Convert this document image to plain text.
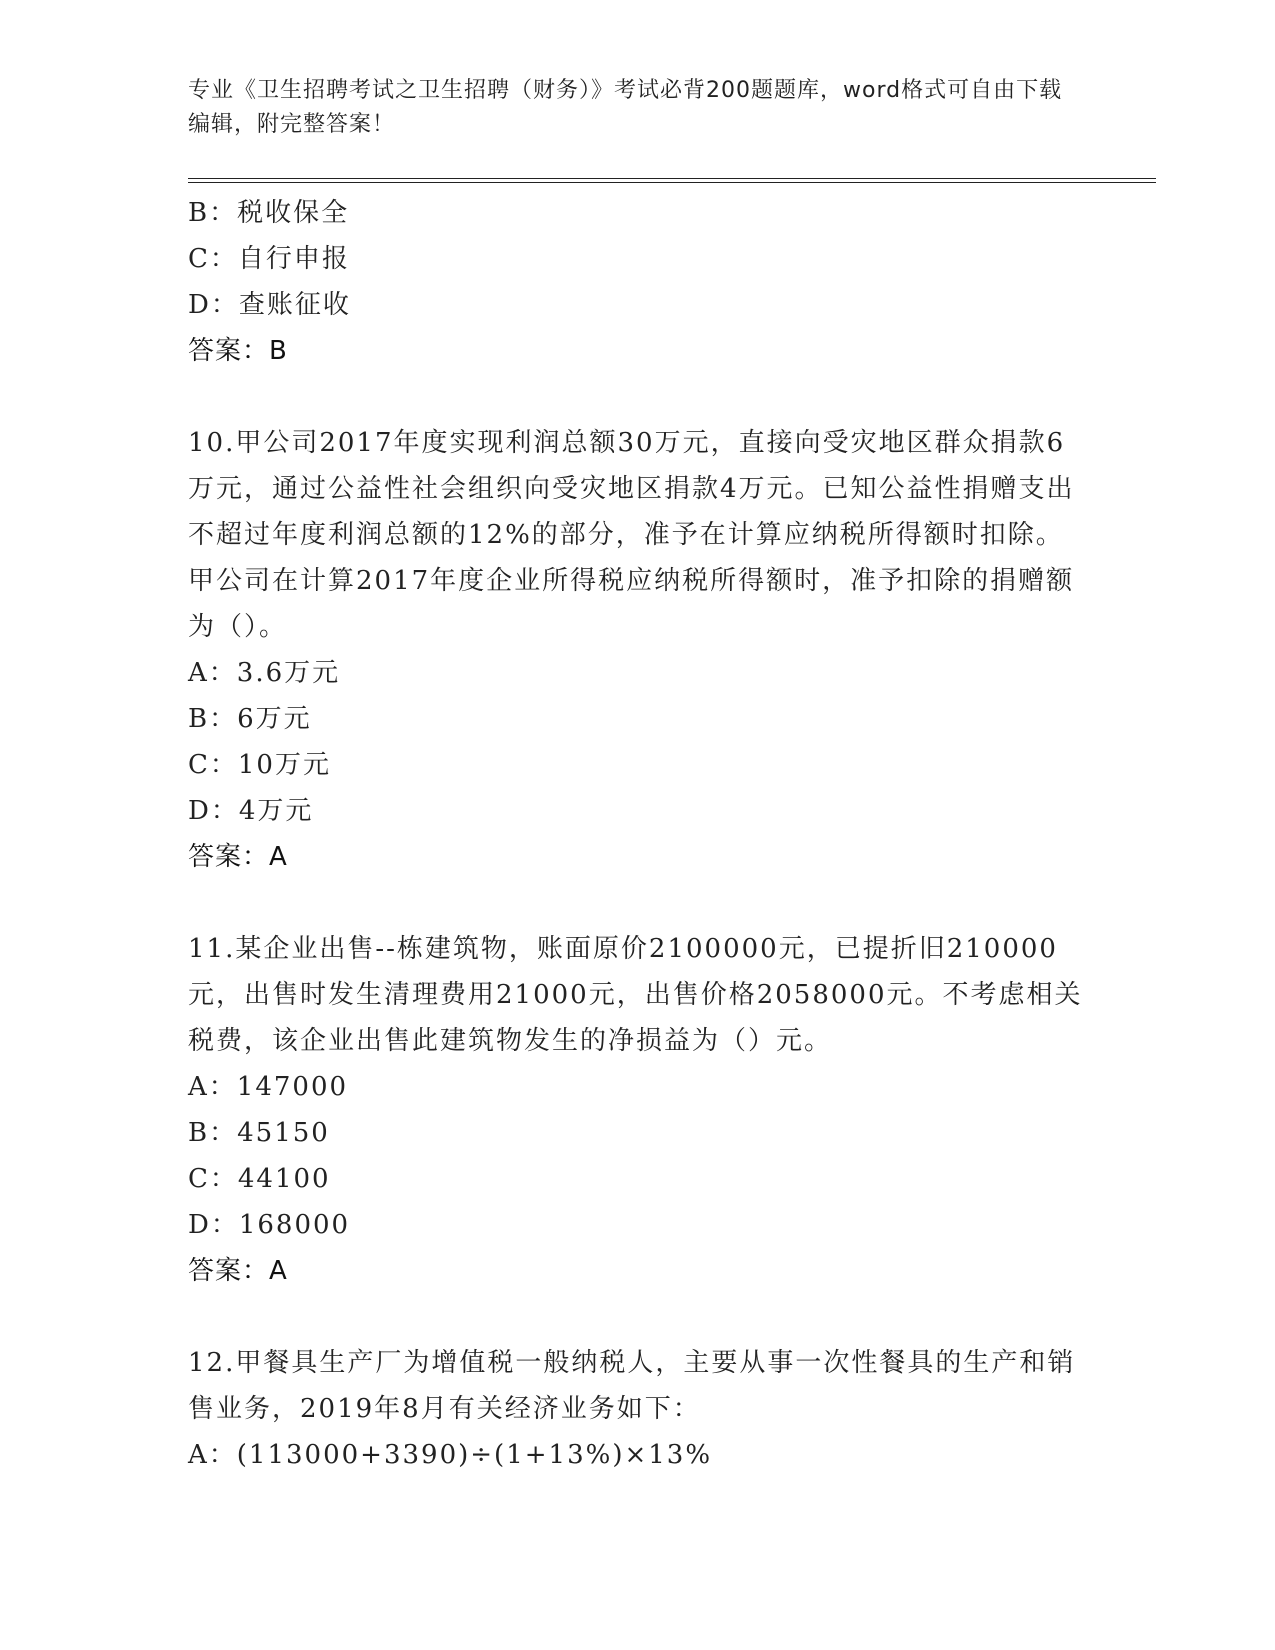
专业《卫生招聘考试之卫生招聘（财务）》考试必背200题题库，word格式可自由下载编辑，附完整答案！
B：税收保全
C：自行申报
D：查账征收
答案：B
10.甲公司2017年度实现利润总额30万元，直接向受灾地区群众捐款6万元，通过公益性社会组织向受灾地区捐款4万元。已知公益性捐赠支出不超过年度利润总额的12%的部分，准予在计算应纳税所得额时扣除。甲公司在计算2017年度企业所得税应纳税所得额时，准予扣除的捐赠额为（）。
A：3.6万元
B：6万元
C：10万元
D：4万元
答案：A
11.某企业出售--栋建筑物，账面原价2100000元，已提折旧210000元，出售时发生清理费用21000元，出售价格2058000元。不考虑相关税费，该企业出售此建筑物发生的净损益为（）元。
A：147000
B：45150
C：44100
D：168000
答案：A
12.甲餐具生产厂为增值税一般纳税人，主要从事一次性餐具的生产和销售业务，2019年8月有关经济业务如下：
A：(113000+3390)÷(1+13%)×13%
